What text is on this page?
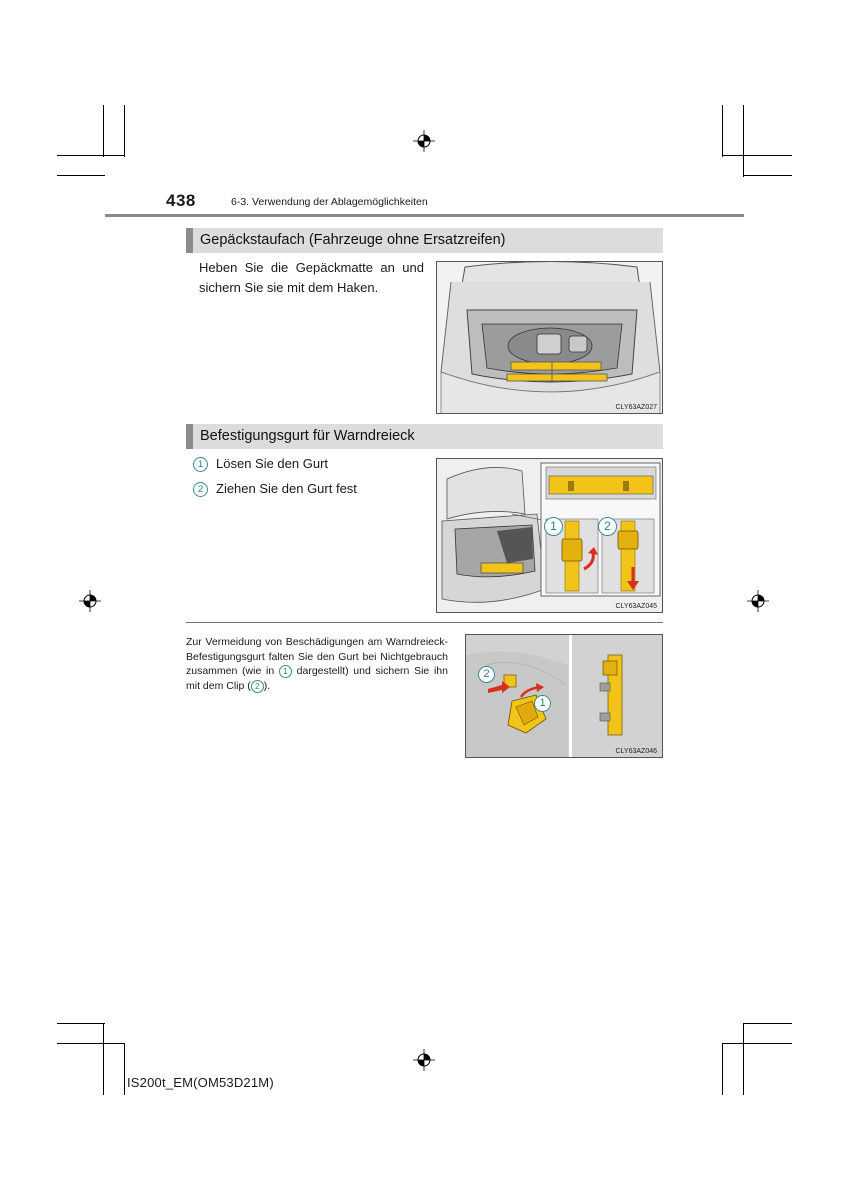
438	6-3. Verwendung der Ablagemöglichkeiten
Gepäckstaufach (Fahrzeuge ohne Ersatzreifen)
Heben Sie die Gepäckmatte an und sichern Sie sie mit dem Haken.
CLY63AZ027
Befestigungsgurt für Warndreieck
1 Lösen Sie den Gurt
2 Ziehen Sie den Gurt fest
1	2
CLY63AZ045
Zur Vermeidung von Beschädigungen am Warndreieck-Befestigungsgurt falten Sie den Gurt bei Nichtgebrauch zusammen (wie in 1 dargestellt) und sichern Sie ihn mit dem Clip ( 2 ).
2
1
CLY63AZ046
IS200t_EM(OM53D21M)
